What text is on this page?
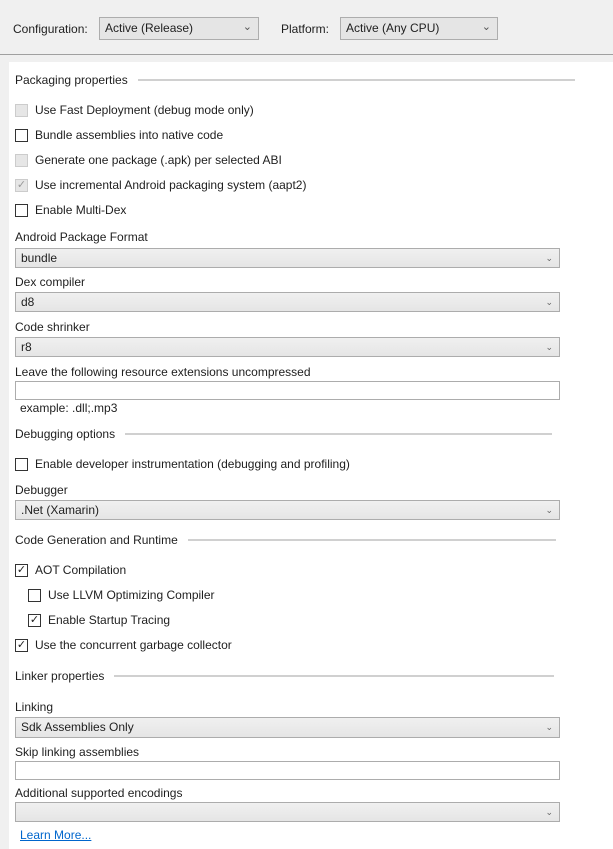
Configuration:	Active (Release)	⌄ Platform:	Active (Any CPU)	⌄
Packaging properties
Use Fast Deployment (debug mode only)
Bundle assemblies into native code
Generate one package (.apk) per selected ABI
✓ Use incremental Android packaging system (aapt2)
Enable Multi-Dex
Android Package Format
bundle	⌄
Dex compiler
d8	⌄
Code shrinker
r8	⌄
Leave the following resource extensions uncompressed
example: .dll;.mp3
Debugging options
Enable developer instrumentation (debugging and profiling)
Debugger
.Net (Xamarin)	⌄
Code Generation and Runtime
✓ AOT Compilation
Use LLVM Optimizing Compiler
✓ Enable Startup Tracing
✓ Use the concurrent garbage collector
Linker properties
Linking
Sdk Assemblies Only	⌄
Skip linking assemblies
Additional supported encodings
⌄
Learn More...
